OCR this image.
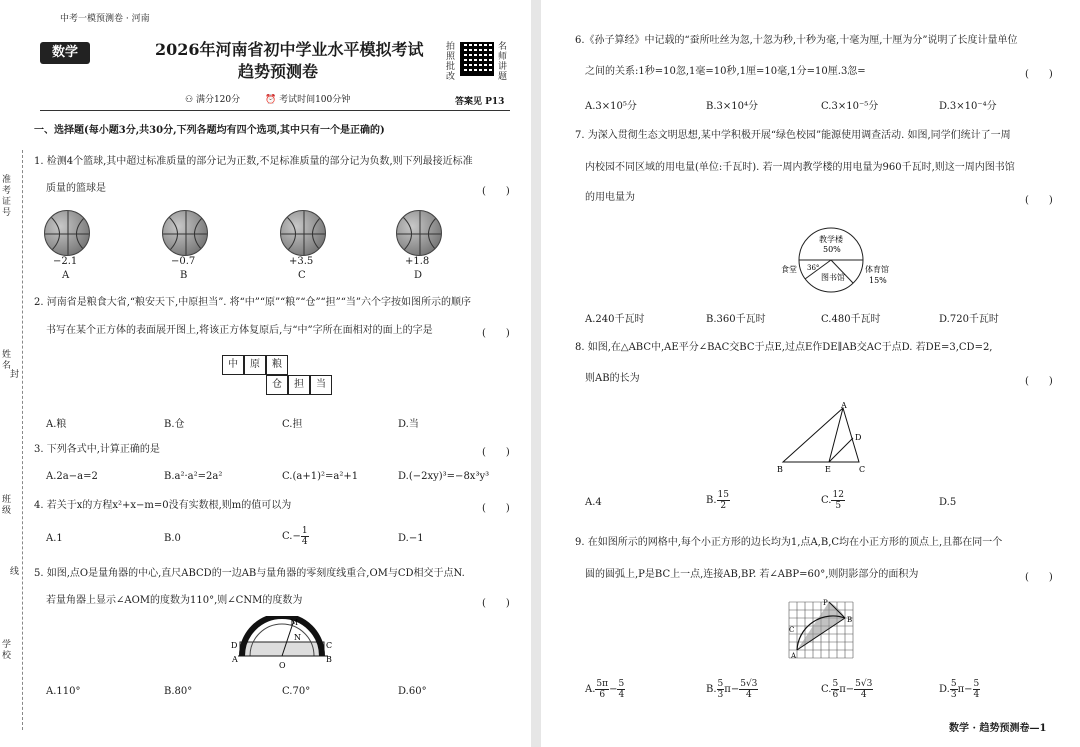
中考一模预测卷 · 河南
准考证号
姓名
封
班级
线
学校
数学	2026年河南省初中学业水平模拟考试
趋势预测卷
⚇ 满分120分	⏰ 考试时间100分钟
拍照批改
名师讲题
答案见 P13
一、选择题(每小题3分,共30分,下列各题均有四个选项,其中只有一个是正确的)
1. 检测4个篮球,其中超过标准质量的部分记为正数,不足标准质量的部分记为负数,则下列最接近标准
质量的篮球是	(　　)
−2.1	−0.7	+3.5	+1.8
A	B	C	D
2. 河南省是粮食大省,“粮安天下,中原担当”. 将“中”“原”“粮”“仓”“担”“当”六个字按如图所示的顺序
书写在某个正方体的表面展开图上,将该正方体复原后,与“中”字所在面相对的面上的字是	(　　)
中	原	粮
仓	担	当
A.粮	B.仓	C.担	D.当
3. 下列各式中,计算正确的是	(　　)
A.2a−a=2	B.a²·a²=2a²	C.(a+1)²=a²+1	D.(−2xy)³=−8x³y³
4. 若关于x的方程x²+x−m=0没有实数根,则m的值可以为	(　　)
A.1	B.0	$C.- \frac{1}{4}$	D.−1
5. 如图,点O是量角器的中心,直尺ABCD的一边AB与量角器的零刻度线重合,OM与CD相交于点N.
若量角器上显示∠AOM的度数为110°,则∠CNM的度数为	(　　)
D
A
O
B
C
M
N
A.110°	B.80°	C.70°	D.60°
6.《孙子算经》中记载的“蚕所吐丝为忽,十忽为秒,十秒为毫,十毫为厘,十厘为分”说明了长度计量单位
之间的关系:1秒=10忽,1毫=10秒,1厘=10毫,1分=10厘.3忽=	(　　)
A.3×10⁵分	B.3×10⁴分	C.3×10⁻⁵分	D.3×10⁻⁴分
7. 为深入贯彻生态文明思想,某中学积极开展“绿色校园”能源使用调查活动. 如图,同学们统计了一周
内校园不同区域的用电量(单位:千瓦时). 若一周内教学楼的用电量为960千瓦时,则这一周内图书馆
的用电量为	(　　)
教学楼
50%
36°
图书馆
食堂	体育馆
15%
A.240千瓦时	B.360千瓦时	C.480千瓦时	D.720千瓦时
8. 如图,在△ABC中,AE平分∠BAC交BC于点E,过点E作DE∥AB交AC于点D. 若DE=3,CD=2,
则AB的长为	(　　)
A
D
B	E	C
A.4	B. $\frac{15}{2}$	C. $\frac{12}{5}$	D.5
9. 在如图所示的网格中,每个小正方形的边长均为1,点A,B,C均在小正方形的顶点上,且都在同一个
圆的圆弧上,P是BC上一点,连接AB,BP. 若∠ABP=60°,则阴影部分的面积为	(　　)
P
B
C
A
A. $\frac{5\pi}{6} - \frac{5}{4}$	B. $\frac{5}{3} \pi- \frac{5√3}{4}$	C. $\frac{5}{6} \pi- \frac{5√3}{4}$	D. $\frac{5}{3} \pi- \frac{5}{4}$
数学 · 趋势预测卷—1
